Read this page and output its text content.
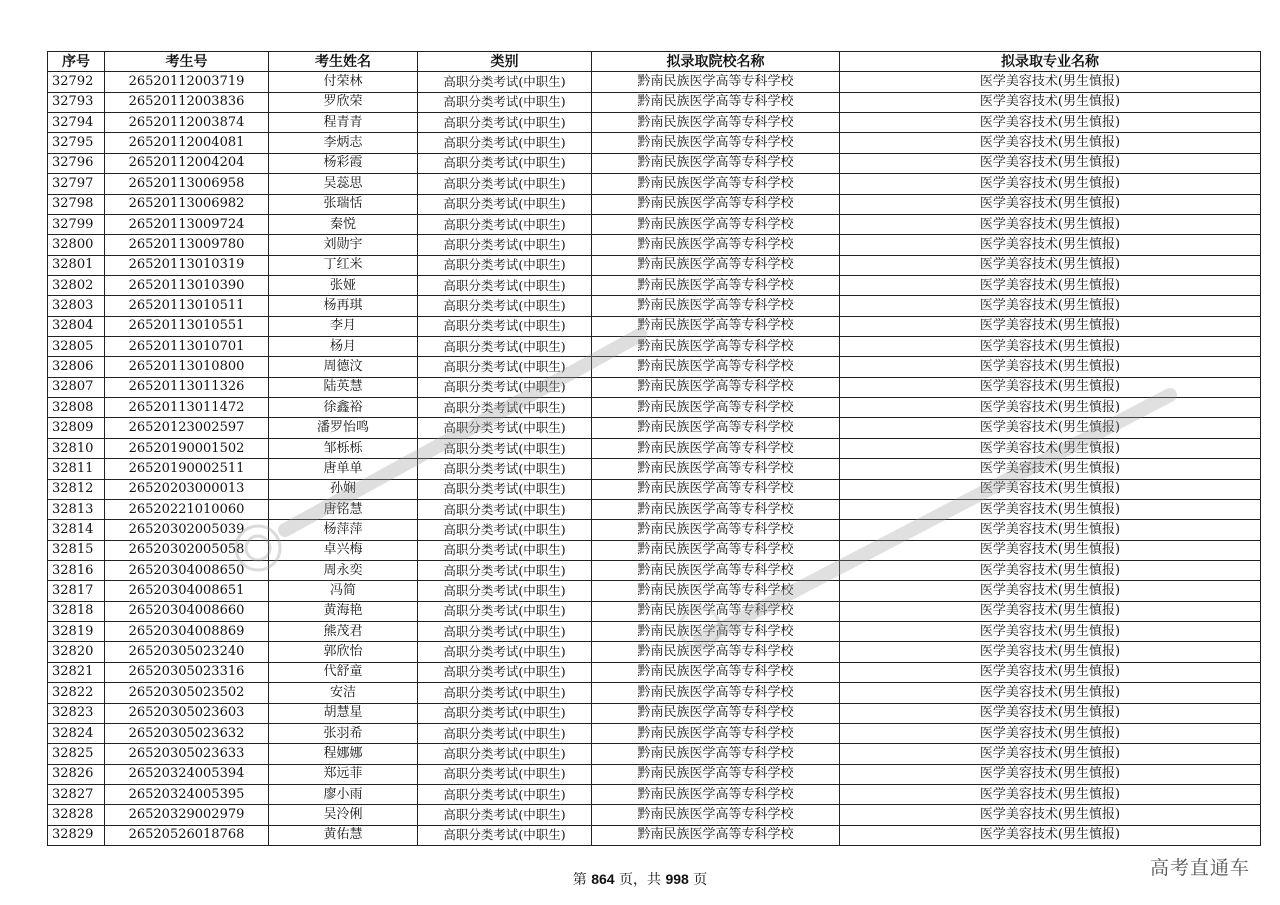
序号	考生号	考生姓名	类别	拟录取院校名称	拟录取专业名称
32792	26520112003719	付荣林	高职分类考试(中职生)	黔南民族医学高等专科学校	医学美容技术(男生慎报)
32793	26520112003836	罗欣荣	高职分类考试(中职生)	黔南民族医学高等专科学校	医学美容技术(男生慎报)
32794	26520112003874	程青青	高职分类考试(中职生)	黔南民族医学高等专科学校	医学美容技术(男生慎报)
32795	26520112004081	李炳志	高职分类考试(中职生)	黔南民族医学高等专科学校	医学美容技术(男生慎报)
32796	26520112004204	杨彩霞	高职分类考试(中职生)	黔南民族医学高等专科学校	医学美容技术(男生慎报)
32797	26520113006958	吴蕊思	高职分类考试(中职生)	黔南民族医学高等专科学校	医学美容技术(男生慎报)
32798	26520113006982	张瑞恬	高职分类考试(中职生)	黔南民族医学高等专科学校	医学美容技术(男生慎报)
32799	26520113009724	秦悦	高职分类考试(中职生)	黔南民族医学高等专科学校	医学美容技术(男生慎报)
32800	26520113009780	刘勋宇	高职分类考试(中职生)	黔南民族医学高等专科学校	医学美容技术(男生慎报)
32801	26520113010319	丁红米	高职分类考试(中职生)	黔南民族医学高等专科学校	医学美容技术(男生慎报)
32802	26520113010390	张娅	高职分类考试(中职生)	黔南民族医学高等专科学校	医学美容技术(男生慎报)
32803	26520113010511	杨再琪	高职分类考试(中职生)	黔南民族医学高等专科学校	医学美容技术(男生慎报)
32804	26520113010551	李月	高职分类考试(中职生)	黔南民族医学高等专科学校	医学美容技术(男生慎报)
32805	26520113010701	杨月	高职分类考试(中职生)	黔南民族医学高等专科学校	医学美容技术(男生慎报)
32806	26520113010800	周德汶	高职分类考试(中职生)	黔南民族医学高等专科学校	医学美容技术(男生慎报)
32807	26520113011326	陆英慧	高职分类考试(中职生)	黔南民族医学高等专科学校	医学美容技术(男生慎报)
32808	26520113011472	徐鑫裕	高职分类考试(中职生)	黔南民族医学高等专科学校	医学美容技术(男生慎报)
32809	26520123002597	潘罗怡鸣	高职分类考试(中职生)	黔南民族医学高等专科学校	医学美容技术(男生慎报)
32810	26520190001502	邹栎栎	高职分类考试(中职生)	黔南民族医学高等专科学校	医学美容技术(男生慎报)
32811	26520190002511	唐单单	高职分类考试(中职生)	黔南民族医学高等专科学校	医学美容技术(男生慎报)
32812	26520203000013	孙娴	高职分类考试(中职生)	黔南民族医学高等专科学校	医学美容技术(男生慎报)
32813	26520221010060	唐铭慧	高职分类考试(中职生)	黔南民族医学高等专科学校	医学美容技术(男生慎报)
32814	26520302005039	杨萍萍	高职分类考试(中职生)	黔南民族医学高等专科学校	医学美容技术(男生慎报)
32815	26520302005058	卓兴梅	高职分类考试(中职生)	黔南民族医学高等专科学校	医学美容技术(男生慎报)
32816	26520304008650	周永奕	高职分类考试(中职生)	黔南民族医学高等专科学校	医学美容技术(男生慎报)
32817	26520304008651	冯简	高职分类考试(中职生)	黔南民族医学高等专科学校	医学美容技术(男生慎报)
32818	26520304008660	黄海艳	高职分类考试(中职生)	黔南民族医学高等专科学校	医学美容技术(男生慎报)
32819	26520304008869	熊茂君	高职分类考试(中职生)	黔南民族医学高等专科学校	医学美容技术(男生慎报)
32820	26520305023240	郭欣怡	高职分类考试(中职生)	黔南民族医学高等专科学校	医学美容技术(男生慎报)
32821	26520305023316	代舒童	高职分类考试(中职生)	黔南民族医学高等专科学校	医学美容技术(男生慎报)
32822	26520305023502	安洁	高职分类考试(中职生)	黔南民族医学高等专科学校	医学美容技术(男生慎报)
32823	26520305023603	胡慧星	高职分类考试(中职生)	黔南民族医学高等专科学校	医学美容技术(男生慎报)
32824	26520305023632	张羽希	高职分类考试(中职生)	黔南民族医学高等专科学校	医学美容技术(男生慎报)
32825	26520305023633	程娜娜	高职分类考试(中职生)	黔南民族医学高等专科学校	医学美容技术(男生慎报)
32826	26520324005394	郑远菲	高职分类考试(中职生)	黔南民族医学高等专科学校	医学美容技术(男生慎报)
32827	26520324005395	廖小雨	高职分类考试(中职生)	黔南民族医学高等专科学校	医学美容技术(男生慎报)
32828	26520329002979	吴泠俐	高职分类考试(中职生)	黔南民族医学高等专科学校	医学美容技术(男生慎报)
32829	26520526018768	黄佑慧	高职分类考试(中职生)	黔南民族医学高等专科学校	医学美容技术(男生慎报)
第 864 页，共 998 页
高考直通车
